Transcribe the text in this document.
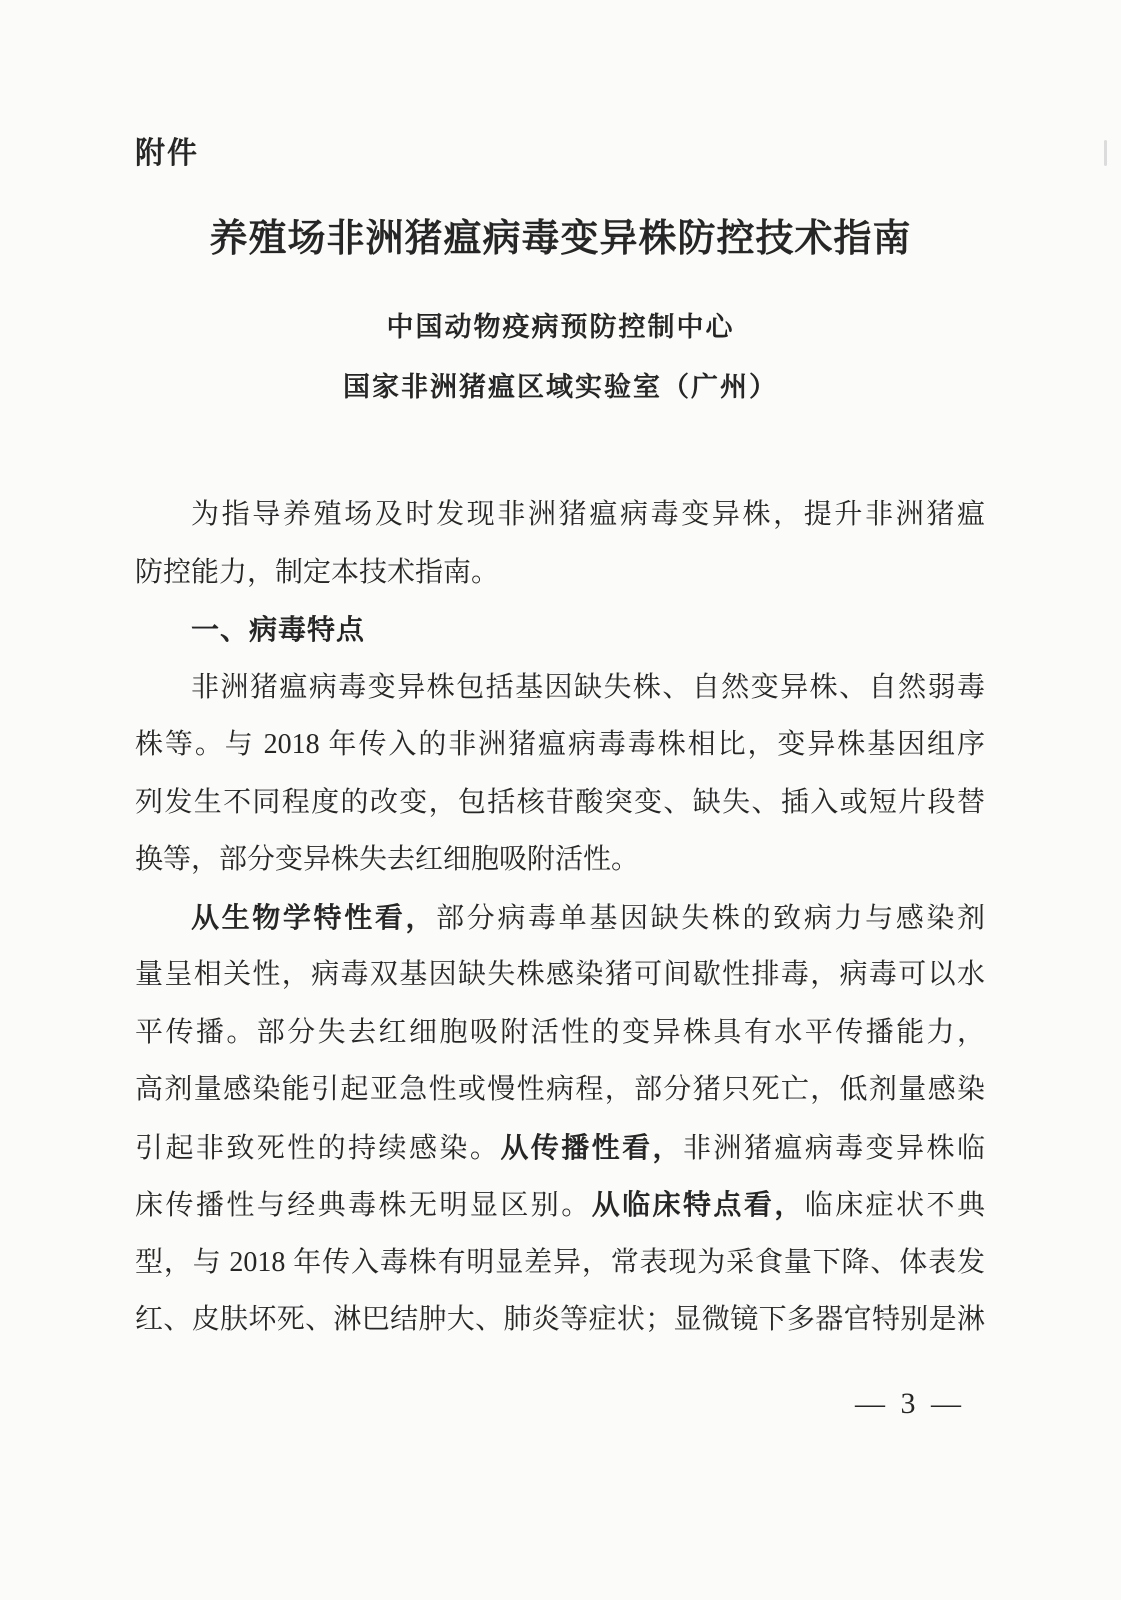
附件
养殖场非洲猪瘟病毒变异株防控技术指南
中国动物疫病预防控制中心
国家非洲猪瘟区域实验室（广州）
为指导养殖场及时发现非洲猪瘟病毒变异株，提升非洲猪瘟
防控能力，制定本技术指南。
一、病毒特点
非洲猪瘟病毒变异株包括基因缺失株、自然变异株、自然弱毒
株等。与 2018 年传入的非洲猪瘟病毒毒株相比，变异株基因组序
列发生不同程度的改变，包括核苷酸突变、缺失、插入或短片段替
换等，部分变异株失去红细胞吸附活性。
从生物学特性看，部分病毒单基因缺失株的致病力与感染剂
量呈相关性，病毒双基因缺失株感染猪可间歇性排毒，病毒可以水
平传播。部分失去红细胞吸附活性的变异株具有水平传播能力，
高剂量感染能引起亚急性或慢性病程，部分猪只死亡，低剂量感染
引起非致死性的持续感染。从传播性看，非洲猪瘟病毒变异株临
床传播性与经典毒株无明显区别。从临床特点看，临床症状不典
型，与 2018 年传入毒株有明显差异，常表现为采食量下降、体表发
红、皮肤坏死、淋巴结肿大、肺炎等症状；显微镜下多器官特别是淋
— 3 —
